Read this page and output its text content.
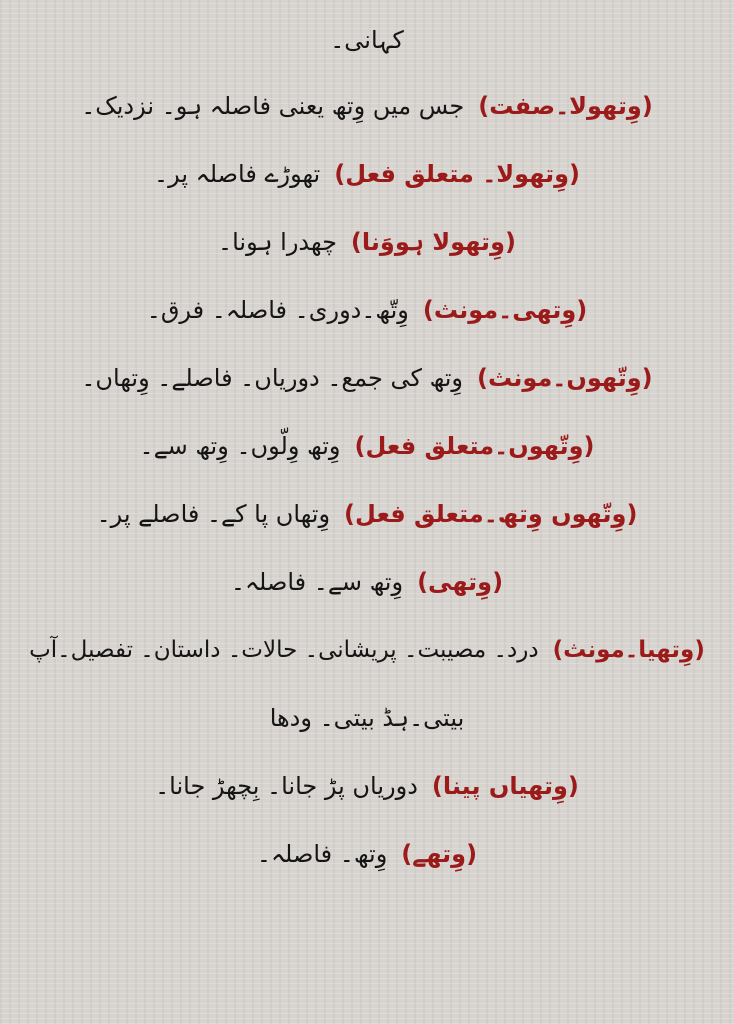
کہانی۔
(وِتھولا۔صفت)جس میں وِتھ یعنی فاصلہ ہو۔ نزدیک۔
(وِتھولا۔ متعلق فعل)تھوڑے فاصلہ پر۔
(وِتھولا ہووَنا)چھدرا ہونا۔
(وِتھی۔مونث)وِتّھ۔دوری۔ فاصلہ۔ فرق۔
(وِتّھوں۔مونث)وِتھ کی جمع۔ دوریاں۔ فاصلے۔ وِتھاں۔
(وِتّھوں۔متعلق فعل)وِتھ وِلّوں۔ وِتھ سے۔
(وِتّھوں وِتھ۔متعلق فعل)وِتھاں پا کے۔ فاصلے پر۔
(وِتھی)وِتھ سے۔ فاصلہ۔
(وِتھیا۔مونث)درد۔ مصیبت۔ پریشانی۔ حالات۔ داستان۔ تفصیل۔آپ
بیتی۔ہڈ بیتی۔ ودھا
(وِتھیاں پینا)دوریاں پڑ جانا۔ بِچھڑ جانا۔
(وِتھے)وِتھ۔ فاصلہ۔
